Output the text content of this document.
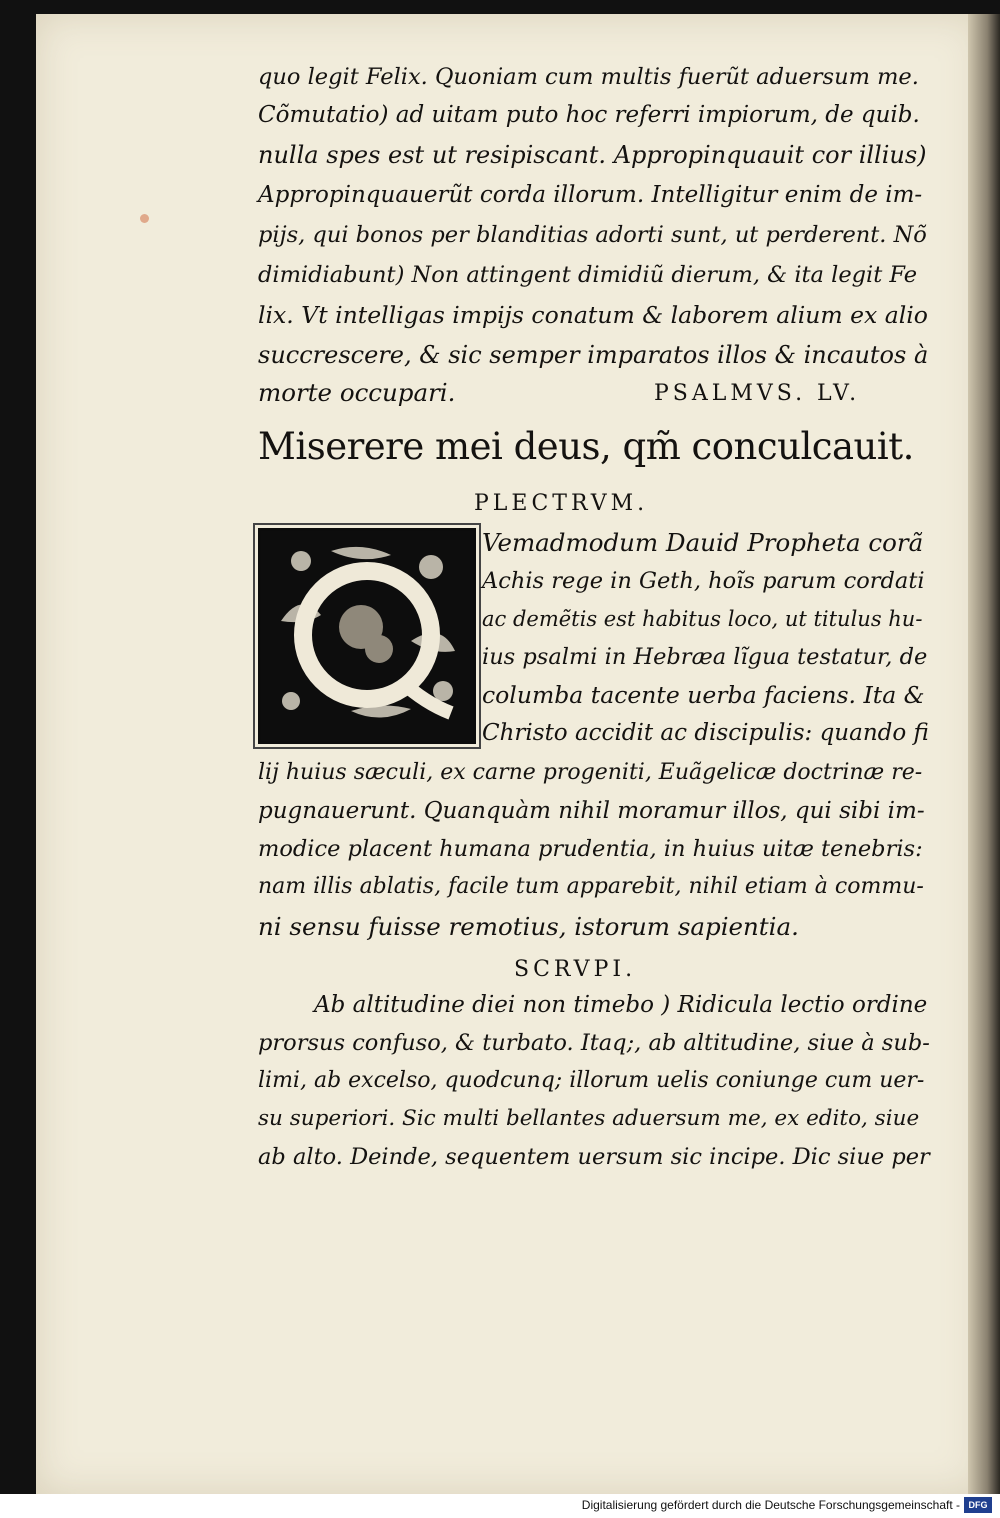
quo legit Felix. Quoniam cum multis fuerũt aduersum me.
Cõmutatio) ad uitam puto hoc referri impiorum, de quib.
nulla spes est ut resipiscant. Appropinquauit cor illius)
Appropinquauerũt corda illorum. Intelligitur enim de im-
pijs, qui bonos per blanditias adorti sunt, ut perderent. Nõ
dimidiabunt) Non attingent dimidiũ dierum, & ita legit Fe
lix. Vt intelligas impijs conatum & laborem alium ex alio
succrescere, & sic semper imparatos illos & incautos à
morte occupari.	PSALMVS. LV.
Miserere mei deus, qm̃ conculcauit.
PLECTRVM.
Vemadmodum Dauid Propheta corã
Achis rege in Geth, hoĩs parum cordati
ac demẽtis est habitus loco, ut titulus hu-
ius psalmi in Hebræa lĩgua testatur, de
columba tacente uerba faciens. Ita &
Christo accidit ac discipulis: quando fi
lij huius sæculi, ex carne progeniti, Euãgelicæ doctrinæ re-
pugnauerunt. Quanquàm nihil moramur illos, qui sibi im-
modice placent humana prudentia, in huius uitæ tenebris:
nam illis ablatis, facile tum apparebit, nihil etiam à commu-
ni sensu fuisse remotius, istorum sapientia.
SCRVPI.
Ab altitudine diei non timebo ) Ridicula lectio ordine
prorsus confuso, & turbato. Itaq;, ab altitudine, siue à sub-
limi, ab excelso, quodcunq; illorum uelis coniunge cum uer-
su superiori. Sic multi bellantes aduersum me, ex edito, siue
ab alto. Deinde, sequentem uersum sic incipe. Dic siue per
Digitalisierung gefördert durch die Deutsche Forschungsgemeinschaft - DFG
